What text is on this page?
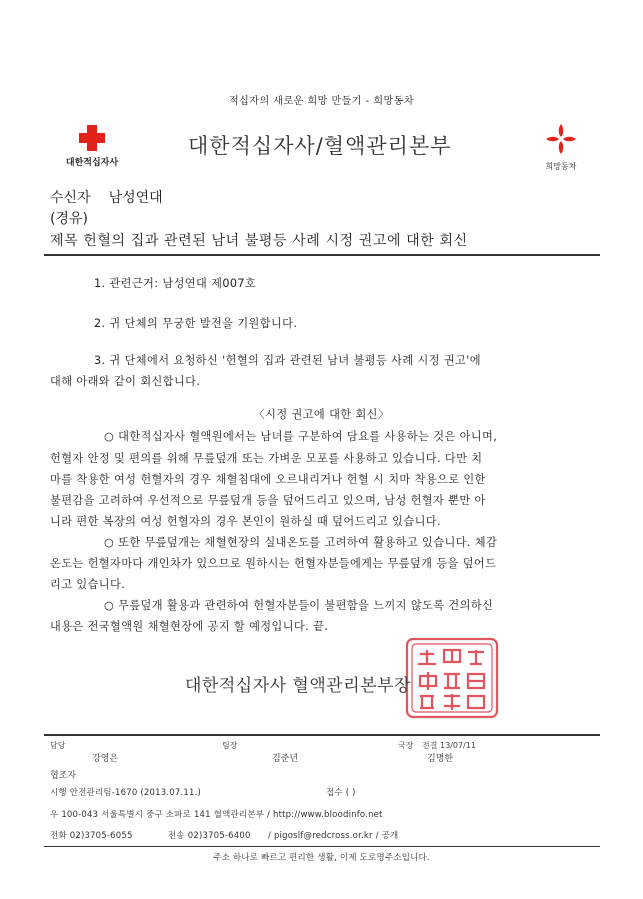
적십자의 새로운 희망 만들기 - 희망동차
대한적십자사
대한적십자사/혈액관리본부
희망동차
수신자 남성연대
(경유)
제목 헌혈의 집과 관련된 남녀 불평등 사례 시정 권고에 대한 회신
1. 관련근거: 남성연대 제007호
2. 귀 단체의 무궁한 발전을 기원합니다.
3. 귀 단체에서 요청하신 '헌혈의 집과 관련된 남녀 불평등 사례 시정 권고'에
대해 아래와 같이 회신합니다.
〈시정 권고에 대한 회신〉
○ 대한적십자사 혈액원에서는 남녀를 구분하여 담요를 사용하는 것은 아니며,
헌혈자 안정 및 편의를 위해 무릎덮개 또는 가벼운 모포를 사용하고 있습니다. 다만 치
마를 착용한 여성 헌혈자의 경우 채혈침대에 오르내리거나 헌혈 시 치마 착용으로 인한
불편감을 고려하여 우선적으로 무릎덮개 등을 덮어드리고 있으며, 남성 헌혈자 뿐만 아
니라 편한 복장의 여성 헌혈자의 경우 본인이 원하실 때 덮어드리고 있습니다.
○ 또한 무릎덮개는 채혈현장의 실내온도를 고려하여 활용하고 있습니다. 체감
온도는 헌혈자마다 개인차가 있으므로 원하시는 헌혈자분들에게는 무릎덮개 등을 덮어드
리고 있습니다.
○ 무릎덮개 활용과 관련하여 헌혈자분들이 불편함을 느끼지 않도록 건의하신
내용은 전국혈액원 채혈현장에 공지 할 예정입니다. 끝.
대한적십자사 혈액관리본부장
담당
강영은
팀장
김준년
국장 전결 13/07/11
김명한
협조자
시행 안전관리팀-1670 (2013.07.11.)	접수 ( )
우 100-043 서울특별시 중구 소파로 141 혈액관리본부 / http://www.bloodinfo.net
전화 02)3705-6055	전송 02)3705-6400 / pigoslf@redcross.or.kr / 공개
주소 하나로 빠르고 편리한 생활, 이제 도로명주소입니다.
